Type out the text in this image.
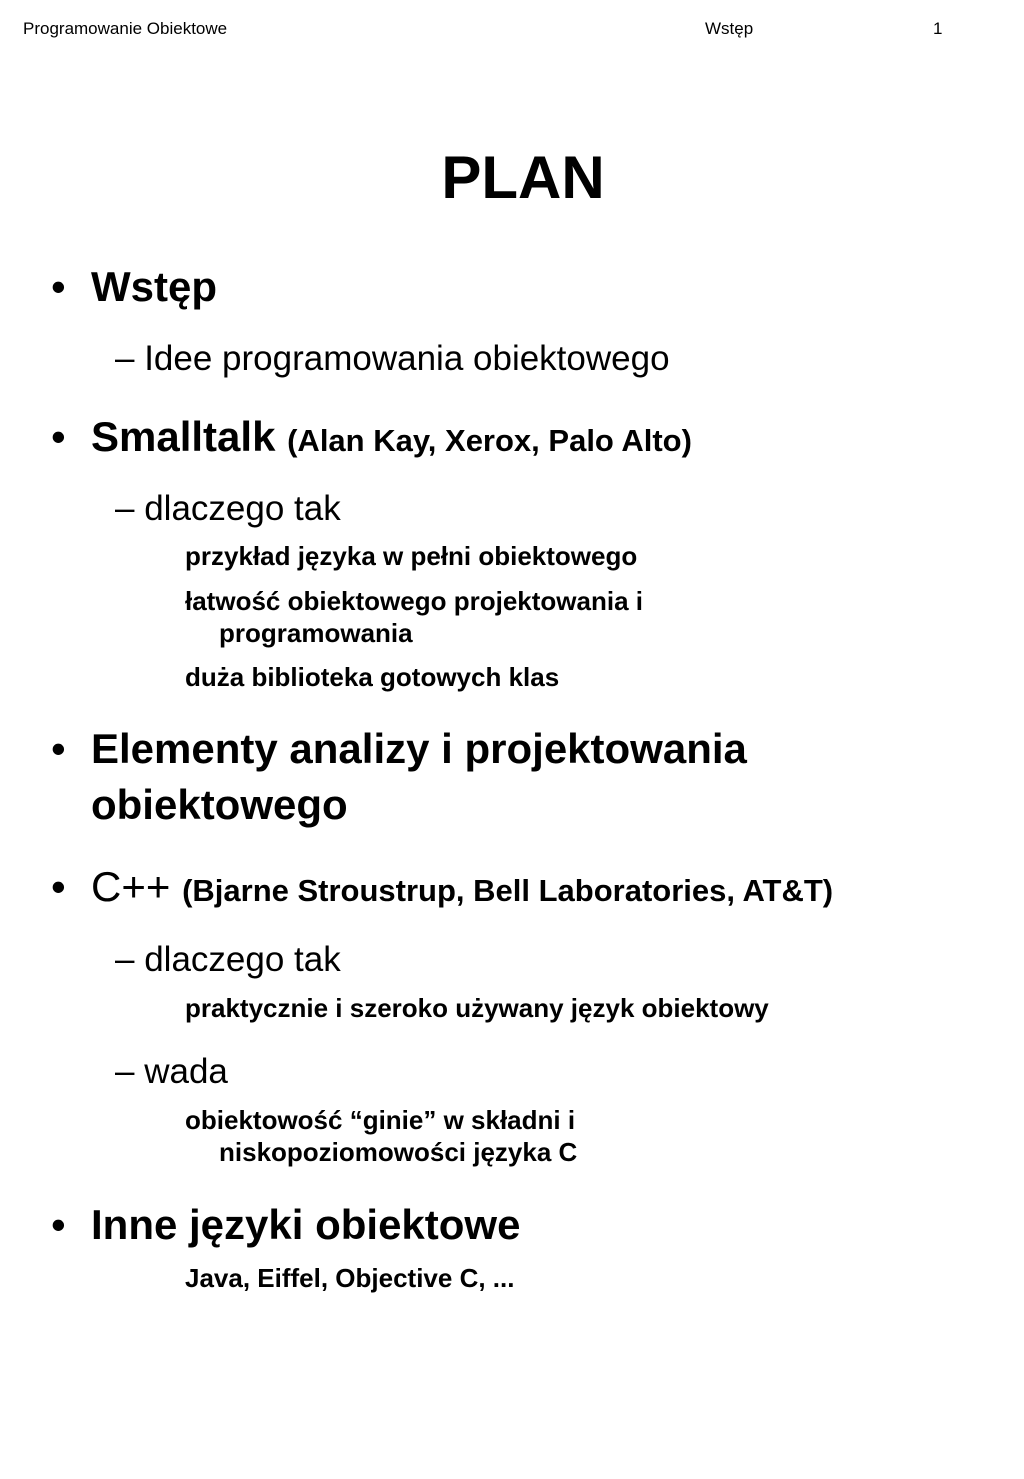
Programowanie Obiektowe	Wstęp	1
PLAN
• Wstęp
– Idee programowania obiektowego
• Smalltalk (Alan Kay, Xerox, Palo Alto)
– dlaczego tak
przykład języka w pełni obiektowego
łatwość obiektowego projektowania i
programowania
duża biblioteka gotowych klas
• Elementy analizy i projektowania
obiektowego
• C++ (Bjarne Stroustrup, Bell Laboratories, AT&T)
– dlaczego tak
praktycznie i szeroko używany język obiektowy
– wada
obiektowość “ginie” w składni i
niskopoziomowości języka C
• Inne języki obiektowe
Java, Eiffel, Objective C, ...
